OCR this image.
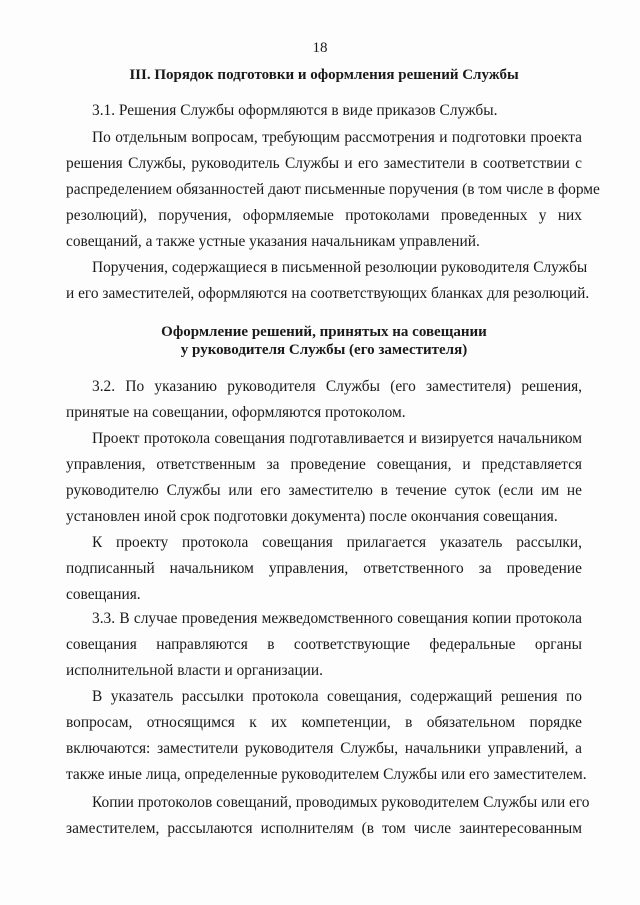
18
III. Порядок подготовки и оформления решений Службы
3.1. Решения Службы оформляются в виде приказов Службы.
По отдельным вопросам, требующим рассмотрения и подготовки проекта
решения Службы, руководитель Службы и его заместители в соответствии с
распределением обязанностей дают письменные поручения (в том числе в форме
резолюций), поручения, оформляемые протоколами проведенных у них
совещаний, а также устные указания начальникам управлений.
Поручения, содержащиеся в письменной резолюции руководителя Службы
и его заместителей, оформляются на соответствующих бланках для резолюций.
Оформление решений, принятых на совещании
у руководителя Службы (его заместителя)
3.2. По указанию руководителя Службы (его заместителя) решения,
принятые на совещании, оформляются протоколом.
Проект протокола совещания подготавливается и визируется начальником
управления, ответственным за проведение совещания, и представляется
руководителю Службы или его заместителю в течение суток (если им не
установлен иной срок подготовки документа) после окончания совещания.
К проекту протокола совещания прилагается указатель рассылки,
подписанный начальником управления, ответственного за проведение
совещания.
3.3. В случае проведения межведомственного совещания копии протокола
совещания направляются в соответствующие федеральные органы
исполнительной власти и организации.
В указатель рассылки протокола совещания, содержащий решения по
вопросам, относящимся к их компетенции, в обязательном порядке
включаются: заместители руководителя Службы, начальники управлений, а
также иные лица, определенные руководителем Службы или его заместителем.
Копии протоколов совещаний, проводимых руководителем Службы или его
заместителем, рассылаются исполнителям (в том числе заинтересованным
